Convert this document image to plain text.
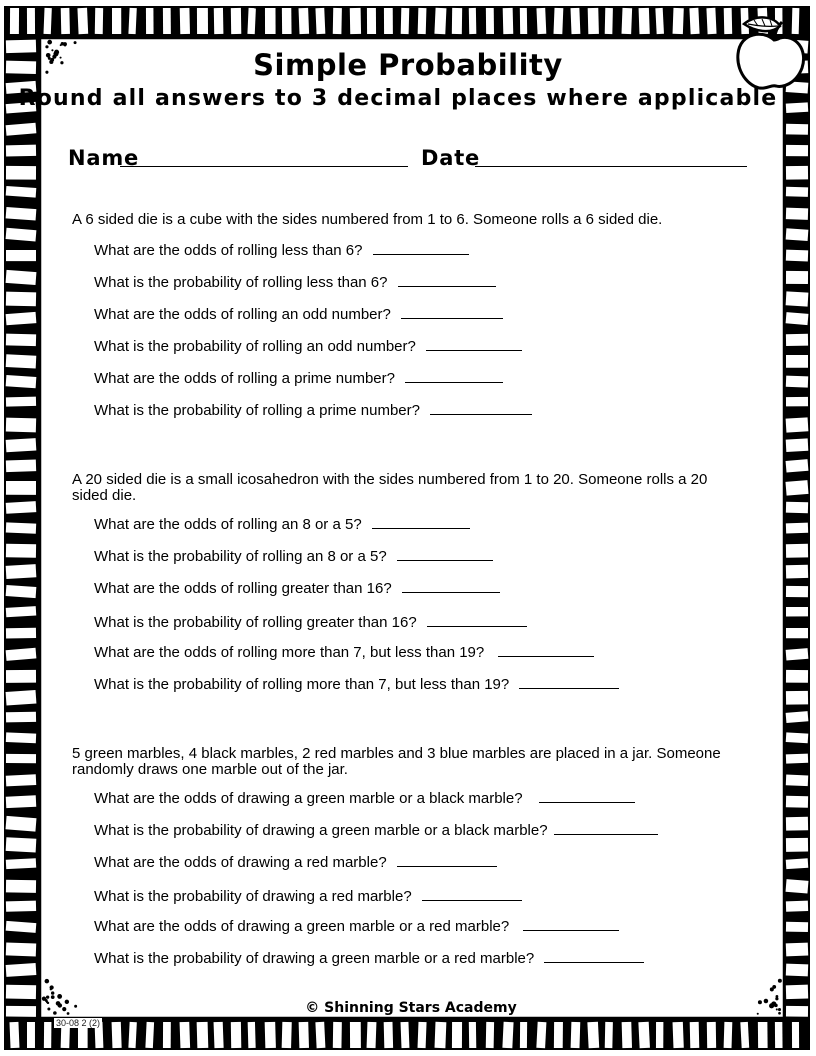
Simple Probability
Round all answers to 3 decimal places where applicable
Name	Date
A 6 sided die is a cube with the sides numbered from 1 to 6. Someone rolls a 6 sided die.
What are the odds of rolling less than 6?
What is the probability of rolling less than 6?
What are the odds of rolling an odd number?
What is the probability of rolling an odd number?
What are the odds of rolling a prime number?
What is the probability of rolling a prime number?
A 20 sided die is a small icosahedron with the sides numbered from 1 to 20. Someone rolls a 20 sided die.
What are the odds of rolling an 8 or a 5?
What is the probability of rolling an 8 or a 5?
What are the odds of rolling greater than 16?
What is the probability of rolling greater than 16?
What are the odds of rolling more than 7, but less than 19?
What is the probability of rolling more than 7, but less than 19?
5 green marbles, 4 black marbles, 2 red marbles and 3 blue marbles are placed in a jar. Someone randomly draws one marble out of the jar.
What are the odds of drawing a green marble or a black marble?
What is the probability of drawing a green marble or a black marble?
What are the odds of drawing a red marble?
What is the probability of drawing a red marble?
What are the odds of drawing a green marble or a red marble?
What is the probability of drawing a green marble or a red marble?
© Shinning Stars Academy
30-08 2 (2)
